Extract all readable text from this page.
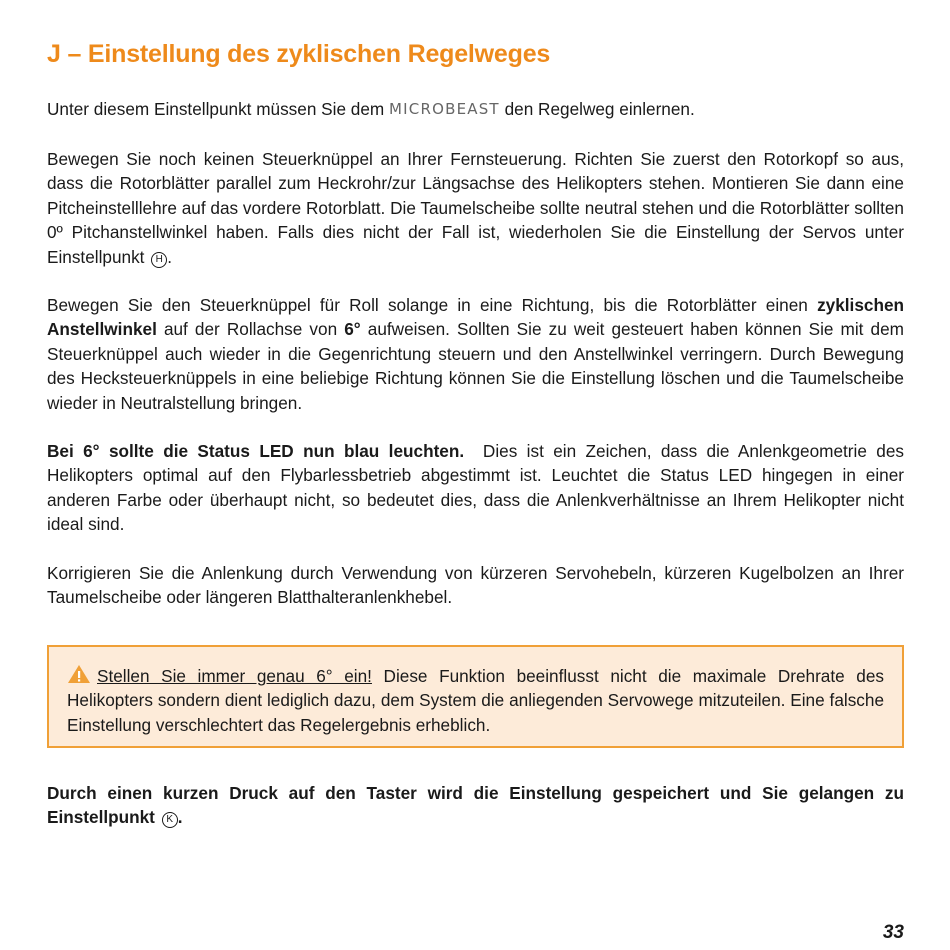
J – Einstellung des zyklischen Regelweges

Unter diesem Einstellpunkt müssen Sie dem MICROBEAST den Regelweg einlernen.

Bewegen Sie noch keinen Steuerknüppel an Ihrer Fernsteuerung. Richten Sie zuerst den Rotorkopf so aus, dass die Rotorblätter parallel zum Heckrohr/zur Längsachse des Helikopters stehen. Montieren Sie dann eine Pitcheinstelllehre auf das vordere Rotorblatt. Die Taumelscheibe sollte neutral stehen und die Rotorblätter sollten 0º Pitchanstellwinkel haben. Falls dies nicht der Fall ist, wiederholen Sie die Einstellung der Servos unter Einstellpunkt H .

Bewegen Sie den Steuerknüppel für Roll solange in eine Richtung, bis die Rotorblätter einen zyklischen Anstellwinkel auf der Rollachse von 6° aufweisen. Sollten Sie zu weit gesteuert haben können Sie mit dem Steuerknüppel auch wieder in die Gegenrichtung steuern und den Anstellwinkel verringern. Durch Bewegung des Hecksteuerknüppels in eine beliebige Richtung können Sie die Einstellung löschen und die Taumelscheibe wieder in Neutralstellung bringen.

Bei 6° sollte die Status LED nun blau leuchten. Dies ist ein Zeichen, dass die Anlenkgeometrie des Helikopters optimal auf den Flybarlessbetrieb abgestimmt ist. Leuchtet die Status LED hingegen in einer anderen Farbe oder überhaupt nicht, so bedeutet dies, dass die Anlenkverhältnisse an Ihrem Helikopter nicht ideal sind.

Korrigieren Sie die Anlenkung durch Verwendung von kürzeren Servohebeln, kürzeren Kugelbolzen an Ihrer Taumelscheibe oder längeren Blatthalteranlenkhebel.

Stellen Sie immer genau 6° ein! Diese Funktion beeinflusst nicht die maximale Drehrate des Helikopters sondern dient lediglich dazu, dem System die anliegenden Servowege mitzuteilen. Eine falsche Einstellung verschlechtert das Regelergebnis erheblich.

Durch einen kurzen Druck auf den Taster wird die Einstellung gespeichert und Sie gelangen zu Einstellpunkt K .

33
